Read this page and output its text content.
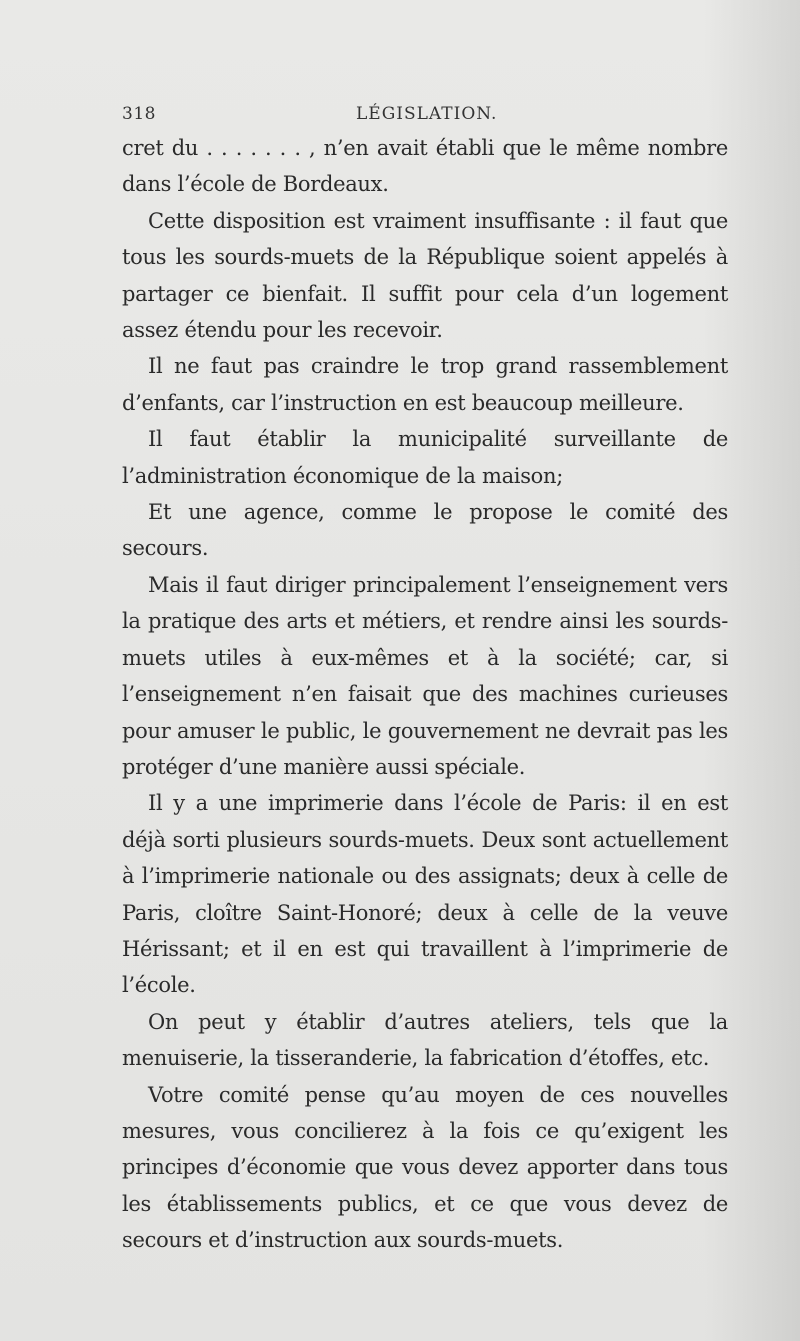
318	LÉGISLATION.

cret du . . . . . . . , n’en avait établi que le même nombre dans l’école de Bordeaux.

Cette disposition est vraiment insuffisante : il faut que tous les sourds-muets de la République soient appelés à partager ce bienfait. Il suffit pour cela d’un logement assez étendu pour les recevoir.

Il ne faut pas craindre le trop grand rassemblement d’enfants, car l’instruction en est beaucoup meilleure.

Il faut établir la municipalité surveillante de l’administration économique de la maison;

Et une agence, comme le propose le comité des secours.

Mais il faut diriger principalement l’enseignement vers la pratique des arts et métiers, et rendre ainsi les sourds-muets utiles à eux-mêmes et à la société; car, si l’enseignement n’en faisait que des machines curieuses pour amuser le public, le gouvernement ne devrait pas les protéger d’une manière aussi spéciale.

Il y a une imprimerie dans l’école de Paris: il en est déjà sorti plusieurs sourds-muets. Deux sont actuellement à l’imprimerie nationale ou des assignats; deux à celle de Paris, cloître Saint-Honoré; deux à celle de la veuve Hérissant; et il en est qui travaillent à l’imprimerie de l’école.

On peut y établir d’autres ateliers, tels que la menuiserie, la tisseranderie, la fabrication d’étoffes, etc.

Votre comité pense qu’au moyen de ces nouvelles mesures, vous concilierez à la fois ce qu’exigent les principes d’économie que vous devez apporter dans tous les établissements publics, et ce que vous devez de secours et d’instruction aux sourds-muets.
